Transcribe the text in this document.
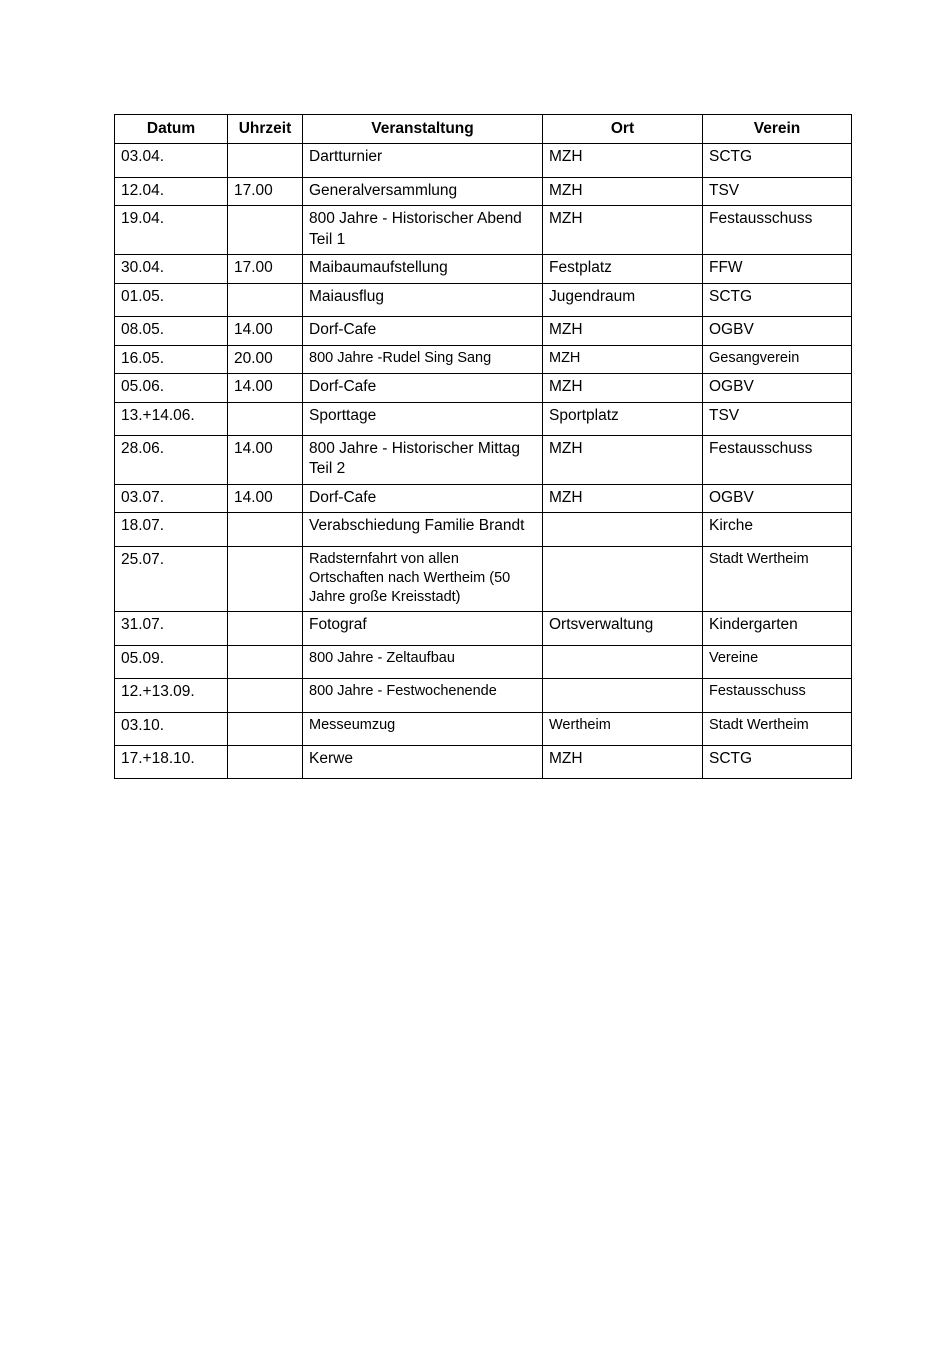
Datum	Uhrzeit	Veranstaltung	Ort	Verein
03.04.		Dartturnier	MZH	SCTG
12.04.	17.00	Generalversammlung	MZH	TSV
19.04.		800 Jahre - Historischer Abend Teil 1	MZH	Festausschuss
30.04.	17.00	Maibaumaufstellung	Festplatz	FFW
01.05.		Maiausflug	Jugendraum	SCTG
08.05.	14.00	Dorf-Cafe	MZH	OGBV
16.05.	20.00	800 Jahre -Rudel Sing Sang	MZH	Gesangverein
05.06.	14.00	Dorf-Cafe	MZH	OGBV
13.+14.06.		Sporttage	Sportplatz	TSV
28.06.	14.00	800 Jahre - Historischer Mittag Teil 2	MZH	Festausschuss
03.07.	14.00	Dorf-Cafe	MZH	OGBV
18.07.		Verabschiedung Familie Brandt		Kirche
25.07.		Radsternfahrt von allen Ortschaften nach Wertheim (50 Jahre große Kreisstadt)		Stadt Wertheim
31.07.		Fotograf	Ortsverwaltung	Kindergarten
05.09.		800 Jahre - Zeltaufbau		Vereine
12.+13.09.		800 Jahre - Festwochenende		Festausschuss
03.10.		Messeumzug	Wertheim	Stadt Wertheim
17.+18.10.		Kerwe	MZH	SCTG
